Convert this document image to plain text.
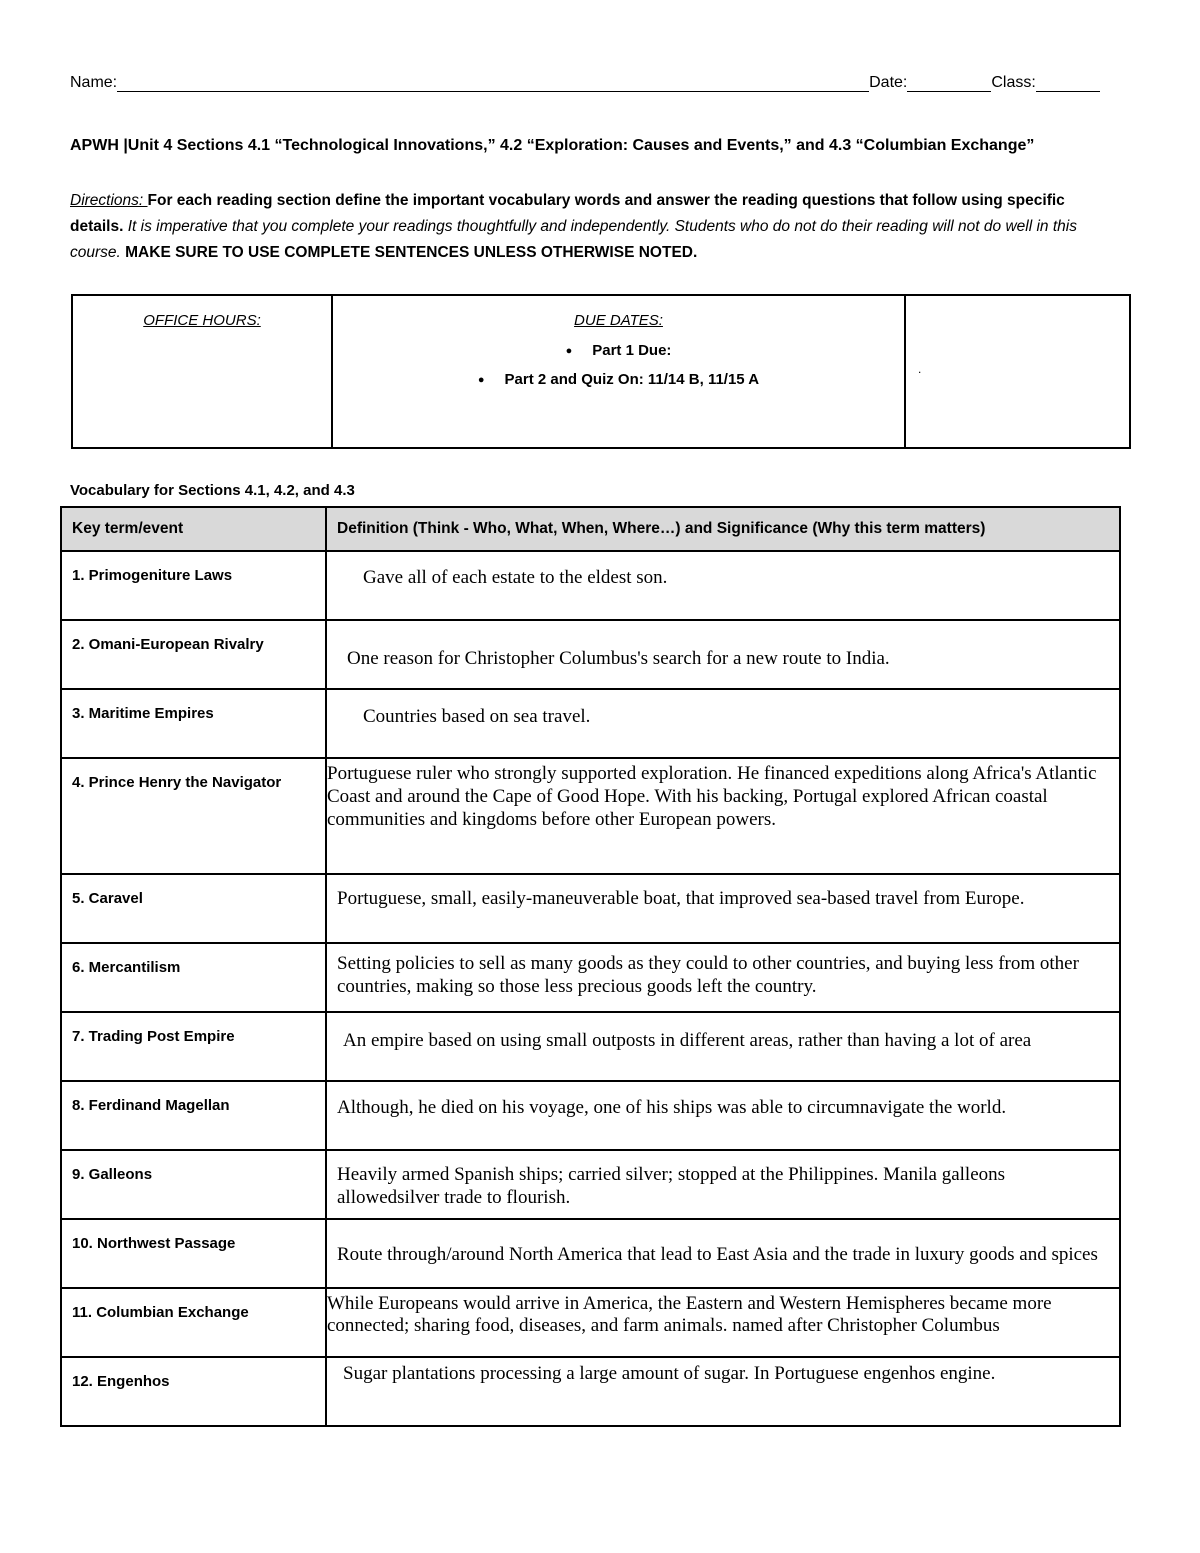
Name:	Date:	Class:
APWH |Unit 4 Sections 4.1 “Technological Innovations,” 4.2 “Exploration: Causes and Events,” and 4.3 “Columbian Exchange”
Directions: For each reading section define the important vocabulary words and answer the reading questions that follow using specific details. It is imperative that you complete your readings thoughtfully and independently. Students who do not do their reading will not do well in this course. MAKE SURE TO USE COMPLETE SENTENCES UNLESS OTHERWISE NOTED.
OFFICE HOURS:	DUE DATES:
● Part 1 Due:
● Part 2 and Quiz On: 11/14 B, 11/15 A
.
Vocabulary for Sections 4.1, 4.2, and 4.3
Key term/event	Definition (Think - Who, What, When, Where…) and Significance (Why this term matters)
1. Primogeniture Laws	Gave all of each estate to the eldest son.
2. Omani-European Rivalry	One reason for Christopher Columbus's search for a new route to India.
3. Maritime Empires	Countries based on sea travel.
4. Prince Henry the Navigator	Portuguese ruler who strongly supported exploration. He financed expeditions along Africa's Atlantic Coast and around the Cape of Good Hope. With his backing, Portugal explored African coastal communities and kingdoms before other European powers.
5. Caravel	Portuguese, small, easily-maneuverable boat, that improved sea-based travel from Europe.
6. Mercantilism	Setting policies to sell as many goods as they could to other countries, and buying less from other countries, making so those less precious goods left the country.
7. Trading Post Empire	An empire based on using small outposts in different areas, rather than having a lot of area
8. Ferdinand Magellan	Although, he died on his voyage, one of his ships was able to circumnavigate the world.
9. Galleons	Heavily armed Spanish ships; carried silver; stopped at the Philippines. Manila galleons allowedsilver trade to flourish.
10. Northwest Passage	Route through/around North America that lead to East Asia and the trade in luxury goods and spices
11. Columbian Exchange	While Europeans would arrive in America, the Eastern and Western Hemispheres became more connected; sharing food, diseases, and farm animals. named after Christopher Columbus
12. Engenhos	Sugar plantations processing a large amount of sugar. In Portuguese engenhos engine.
